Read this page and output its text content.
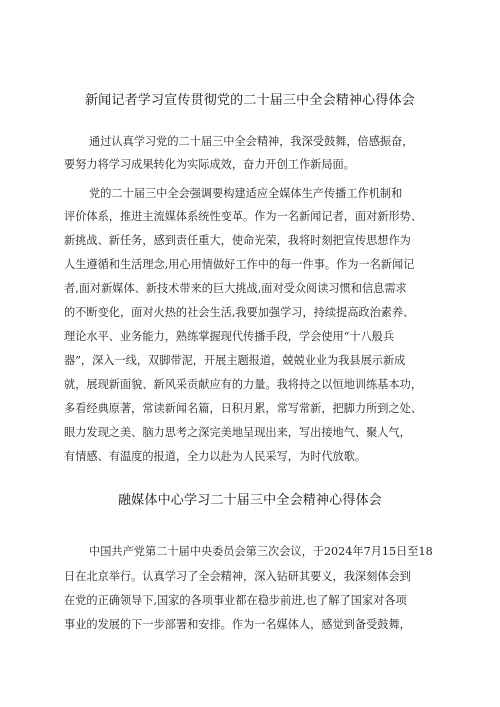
新闻记者学习宣传贯彻党的二十届三中全会精神心得体会
融媒体中心学习二十届三中全会精神心得体会
通过认真学习党的二十届三中全会精神，我深受鼓舞，倍感振奋，
要努力将学习成果转化为实际成效，奋力开创工作新局面。
党的二十届三中全会强调要构建适应全媒体生产传播工作机制和
评价体系，推进主流媒体系统性变革。作为一名新闻记者，面对新形势、
新挑战、新任务，感到责任重大，使命光荣，我将时刻把宣传思想作为
人生遵循和生活理念,用心用情做好工作中的每一件事。作为一名新闻记
者,面对新媒体、新技术带来的巨大挑战,面对受众阅读习惯和信息需求
的不断变化，面对火热的社会生活,我要加强学习，持续提高政治素养、
理论水平、业务能力，熟练掌握现代传播手段，学会使用“十八般兵
器”，深入一线，双脚带泥，开展主题报道，兢兢业业为我县展示新成
就，展现新面貌、新风采贡献应有的力量。我将持之以恒地训练基本功，
多看经典原著，常读新闻名篇，日积月累，常写常新，把脚力所到之处、
眼力发现之美、脑力思考之深完美地呈现出来，写出接地气、聚人气，
有情感、有温度的报道，全力以赴为人民采写，为时代放歌。
中国共产党第二十届中央委员会第三次会议，于2024年7月15日至18
日在北京举行。认真学习了全会精神，深入钻研其要义，我深刻体会到
在党的正确领导下,国家的各项事业都在稳步前进,也了解了国家对各项
事业的发展的下一步部署和安排。作为一名媒体人，感觉到备受鼓舞，
